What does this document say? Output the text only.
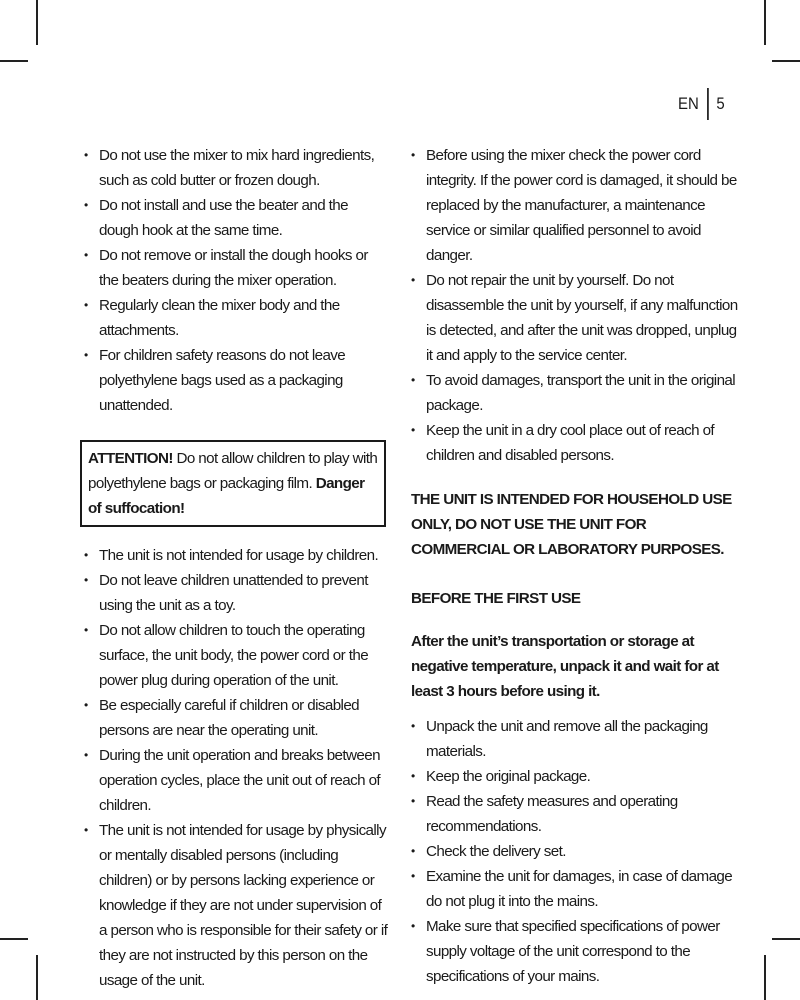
EN	5
• Do not use the mixer to mix hard ingredients, such as cold butter or frozen dough.
• Do not install and use the beater and the dough hook at the same time.
• Do not remove or install the dough hooks or the beaters during the mixer operation.
• Regularly clean the mixer body and the attachments.
• For children safety reasons do not leave polyethylene bags used as a packaging unattended.
ATTENTION! Do not allow children to play with polyethylene bags or packaging film. Danger of suffocation!
• The unit is not intended for usage by children.
• Do not leave children unattended to prevent using the unit as a toy.
• Do not allow children to touch the operating surface, the unit body, the power cord or the power plug during operation of the unit.
• Be especially careful if children or disabled persons are near the operating unit.
• During the unit operation and breaks between operation cycles, place the unit out of reach of children.
• The unit is not intended for usage by physically or mentally disabled persons (including children) or by persons lacking experience or knowledge if they are not under supervision of a person who is responsible for their safety or if they are not instructed by this person on the usage of the unit.
• Before using the mixer check the power cord integrity. If the power cord is damaged, it should be replaced by the manufacturer, a maintenance service or similar qualified personnel to avoid danger.
• Do not repair the unit by yourself. Do not disassemble the unit by yourself, if any malfunction is detected, and after the unit was dropped, unplug it and apply to the service center.
• To avoid damages, transport the unit in the original package.
• Keep the unit in a dry cool place out of reach of children and disabled persons.

THE UNIT IS INTENDED FOR HOUSEHOLD USE ONLY, DO NOT USE THE UNIT FOR COMMERCIAL OR LABORATORY PURPOSES.

BEFORE THE FIRST USE

After the unit’s transportation or storage at negative temperature, unpack it and wait for at least 3 hours before using it.

• Unpack the unit and remove all the packaging materials.
• Keep the original package.
• Read the safety measures and operating recommendations.
• Check the delivery set.
• Examine the unit for damages, in case of damage do not plug it into the mains.
• Make sure that specified specifications of power supply voltage of the unit correspond to the specifications of your mains.
